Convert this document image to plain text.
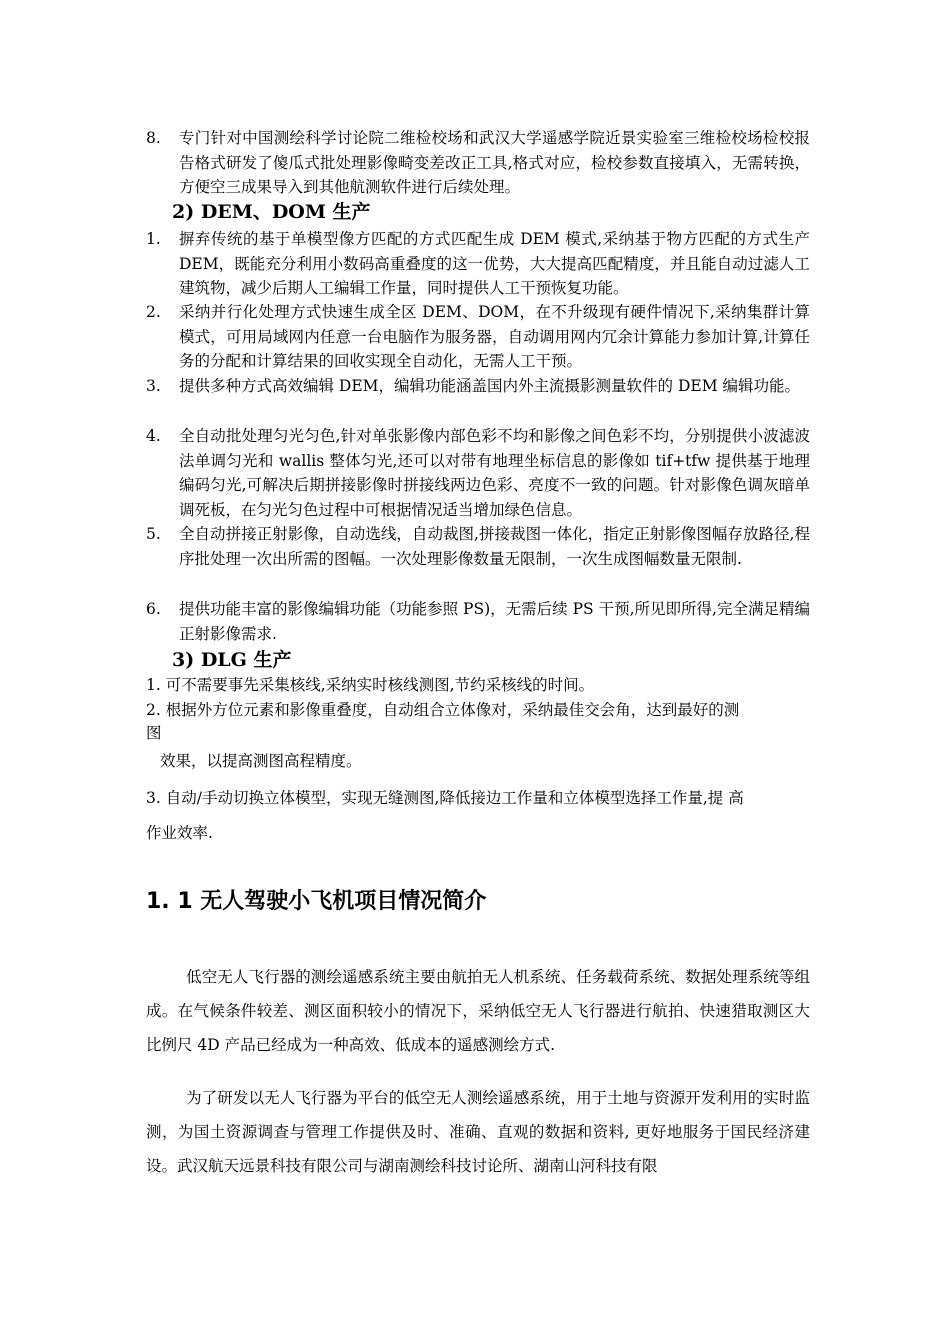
8.	专门针对中国测绘科学讨论院二维检校场和武汉大学遥感学院近景实验室三维检校场检校报告格式研发了傻瓜式批处理影像畸变差改正工具,格式对应，检校参数直接填入，无需转换，方便空三成果导入到其他航测软件进行后续处理。
2) DEM、DOM 生产
1.	摒弃传统的基于单模型像方匹配的方式匹配生成 DEM 模式,采纳基于物方匹配的方式生产 DEM，既能充分利用小数码高重叠度的这一优势，大大提高匹配精度，并且能自动过滤人工建筑物，减少后期人工编辑工作量，同时提供人工干预恢复功能。
2.	采纳并行化处理方式快速生成全区 DEM、DOM，在不升级现有硬件情况下,采纳集群计算模式，可用局域网内任意一台电脑作为服务器，自动调用网内冗余计算能力参加计算,计算任务的分配和计算结果的回收实现全自动化，无需人工干预。
3.	提供多种方式高效编辑 DEM，编辑功能涵盖国内外主流摄影测量软件的 DEM 编辑功能。
4.	全自动批处理匀光匀色,针对单张影像内部色彩不均和影像之间色彩不均，分别提供小波滤波法单调匀光和 wallis 整体匀光,还可以对带有地理坐标信息的影像如 tif+tfw 提供基于地理编码匀光,可解决后期拼接影像时拼接线两边色彩、亮度不一致的问题。针对影像色调灰暗单调死板，在匀光匀色过程中可根据情况适当增加绿色信息。
5.	全自动拼接正射影像，自动选线，自动裁图,拼接裁图一体化，指定正射影像图幅存放路径,程序批处理一次出所需的图幅。一次处理影像数量无限制，一次生成图幅数量无限制.
6.	提供功能丰富的影像编辑功能（功能参照 PS)，无需后续 PS 干预,所见即所得,完全满足精编正射影像需求.
3) DLG 生产
1. 可不需要事先采集核线,采纳实时核线测图,节约采核线的时间。
2. 根据外方位元素和影像重叠度，自动组合立体像对，采纳最佳交会角，达到最好的测
图
效果，以提高测图高程精度。
3. 自动/手动切换立体模型，实现无缝测图,降低接边工作量和立体模型选择工作量,提 高
作业效率.
1. 1 无人驾驶小飞机项目情况简介
低空无人飞行器的测绘遥感系统主要由航拍无人机系统、任务载荷系统、数据处理系统等组成。在气候条件较差、测区面积较小的情况下，采纳低空无人飞行器进行航拍、快速猎取测区大比例尺 4D 产品已经成为一种高效、低成本的遥感测绘方式.
为了研发以无人飞行器为平台的低空无人测绘遥感系统，用于土地与资源开发利用的实时监测，为国土资源调查与管理工作提供及时、准确、直观的数据和资料, 更好地服务于国民经济建设。武汉航天远景科技有限公司与湖南测绘科技讨论所、湖南山河科技有限
